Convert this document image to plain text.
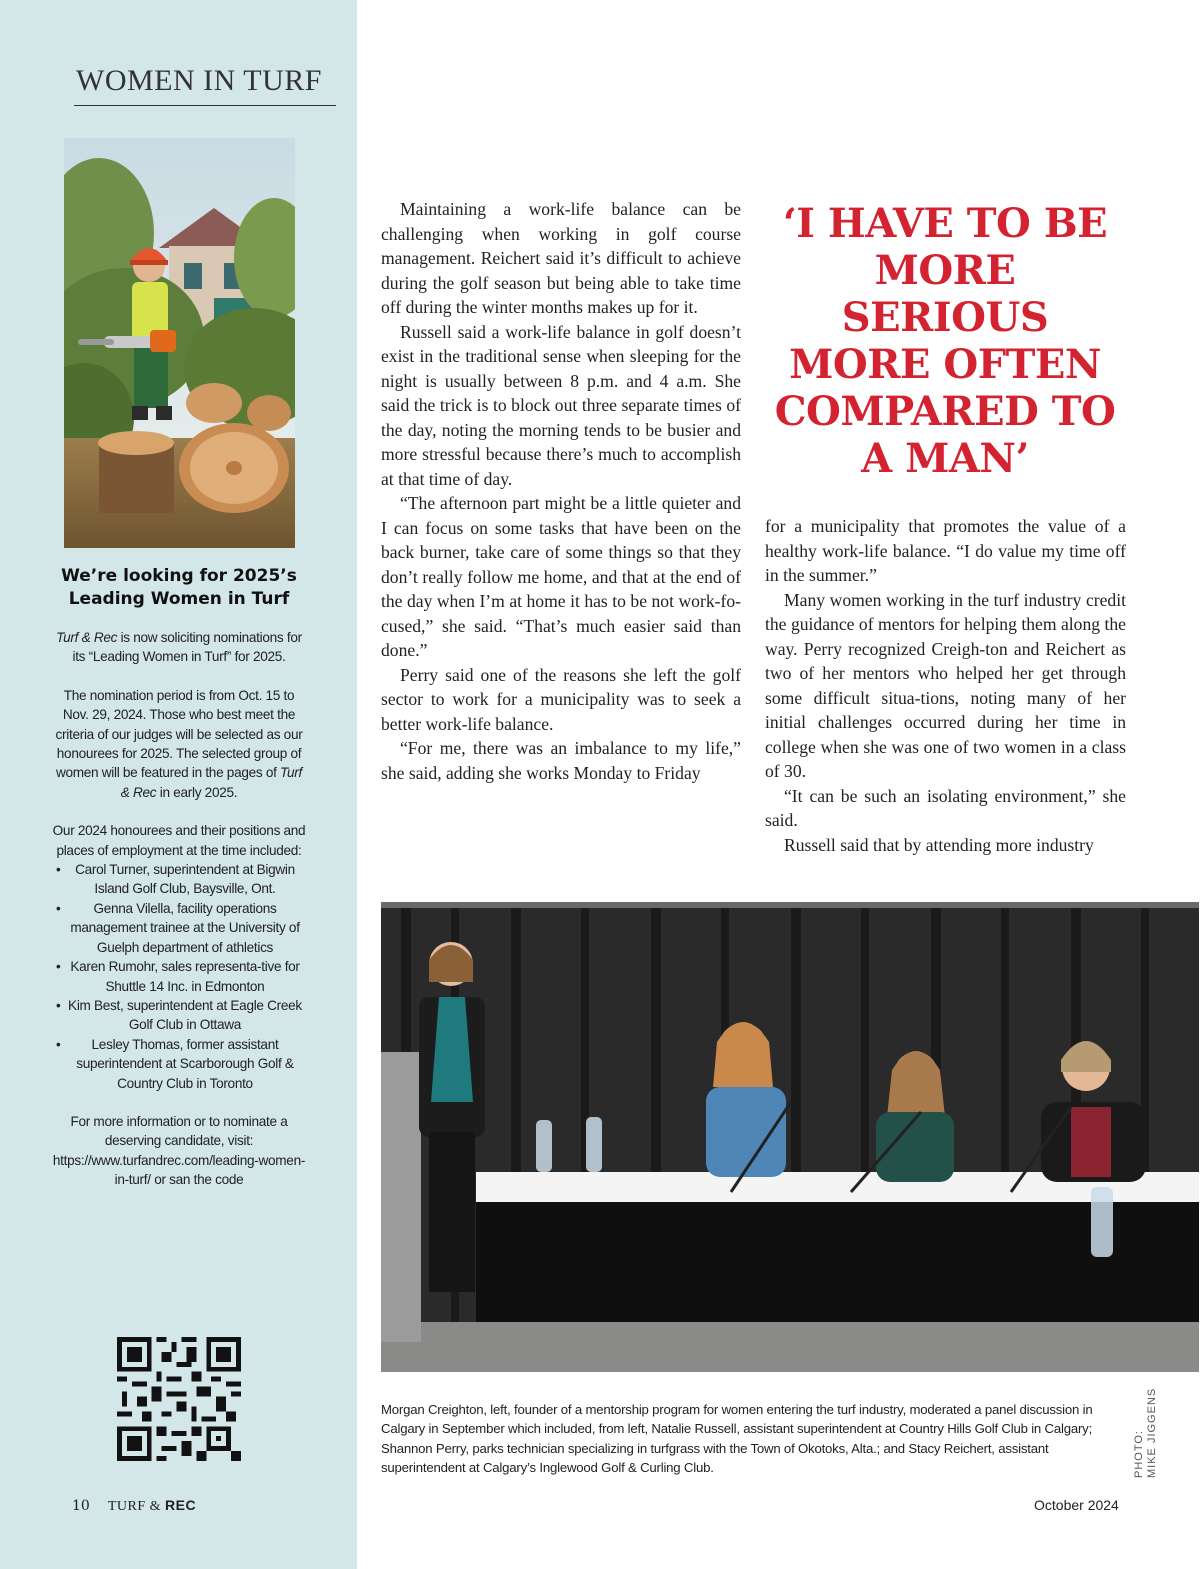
WOMEN IN TURF
We’re looking for 2025’s Leading Women in Turf

Turf & Rec is now soliciting nominations for its “Leading Women in Turf” for 2025.

The nomination period is from Oct. 15 to Nov. 29, 2024. Those who best meet the criteria of our judges will be selected as our honourees for 2025. The selected group of women will be featured in the pages of Turf & Rec in early 2025.

Our 2024 honourees and their positions and places of employment at the time included:

• Carol Turner, superintendent at Bigwin Island Golf Club, Baysville, Ont.
• Genna Vilella, facility operations management trainee at the University of Guelph department of athletics
• Karen Rumohr, sales representa-tive for Shuttle 14 Inc. in Edmonton
• Kim Best, superintendent at Eagle Creek Golf Club in Ottawa
• Lesley Thomas, former assistant superintendent at Scarborough Golf & Country Club in Toronto

For more information or to nominate a deserving candidate, visit: https://www.turfandrec.com/leading-women-in-turf/ or san the code

10 TURF & REC

Maintaining a work-life balance can be challenging when working in golf course management. Reichert said it’s difficult to achieve during the golf season but being able to take time off during the winter months makes up for it.

Russell said a work-life balance in golf doesn’t exist in the traditional sense when sleeping for the night is usually between 8 p.m. and 4 a.m. She said the trick is to block out three separate times of the day, noting the morning tends to be busier and more stressful because there’s much to accomplish at that time of day.

“The afternoon part might be a little quieter and I can focus on some tasks that have been on the back burner, take care of some things so that they don’t really follow me home, and that at the end of the day when I’m at home it has to be not work-fo-cused,” she said. “That’s much easier said than done.”

Perry said one of the reasons she left the golf sector to work for a municipality was to seek a better work-life balance.

“For me, there was an imbalance to my life,” she said, adding she works Monday to Friday

‘I HAVE TO BE MORE SERIOUS MORE OFTEN COMPARED TO A MAN’

for a municipality that promotes the value of a healthy work-life balance. “I do value my time off in the summer.”

Many women working in the turf industry credit the guidance of mentors for helping them along the way. Perry recognized Creigh-ton and Reichert as two of her mentors who helped her get through some difficult situa-tions, noting many of her initial challenges occurred during her time in college when she was one of two women in a class of 30.

“It can be such an isolating environment,” she said.

Russell said that by attending more industry

Morgan Creighton, left, founder of a mentorship program for women entering the turf industry, moderated a panel discussion in Calgary in September which included, from left, Natalie Russell, assistant superintendent at Country Hills Golf Club in Calgary; Shannon Perry, parks technician specializing in turfgrass with the Town of Okotoks, Alta.; and Stacy Reichert, assistant superintendent at Calgary’s Inglewood Golf & Curling Club.	PHOTO: MIKE JIGGENS
October 2024
